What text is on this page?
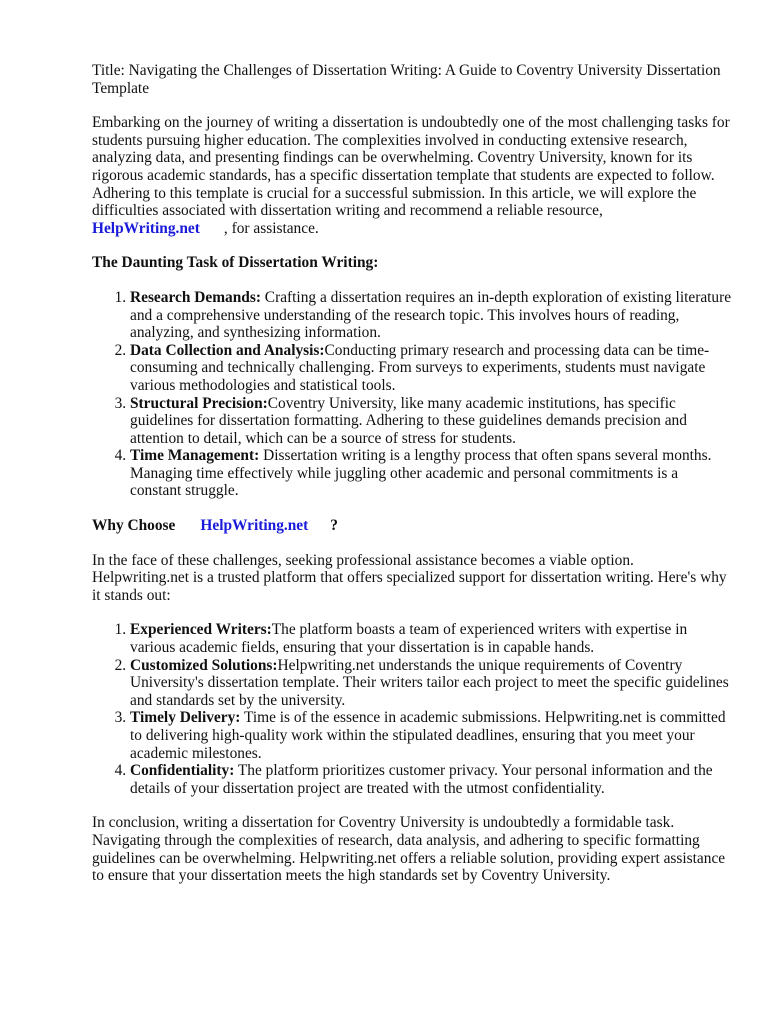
Title: Navigating the Challenges of Dissertation Writing: A Guide to Coventry University Dissertation Template

Embarking on the journey of writing a dissertation is undoubtedly one of the most challenging tasks for students pursuing higher education. The complexities involved in conducting extensive research, analyzing data, and presenting findings can be overwhelming. Coventry University, known for its rigorous academic standards, has a specific dissertation template that students are expected to follow. Adhering to this template is crucial for a successful submission. In this article, we will explore the difficulties associated with dissertation writing and recommend a reliable resource,
HelpWriting.net , for assistance.

The Daunting Task of Dissertation Writing:
1. Research Demands: Crafting a dissertation requires an in-depth exploration of existing literature and a comprehensive understanding of the research topic. This involves hours of reading, analyzing, and synthesizing information.
2. Data Collection and Analysis:Conducting primary research and processing data can be time-consuming and technically challenging. From surveys to experiments, students must navigate various methodologies and statistical tools.
3. Structural Precision:Coventry University, like many academic institutions, has specific guidelines for dissertation formatting. Adhering to these guidelines demands precision and attention to detail, which can be a source of stress for students.
4. Time Management: Dissertation writing is a lengthy process that often spans several months. Managing time effectively while juggling other academic and personal commitments is a constant struggle.
Why Choose HelpWriting.net ?

In the face of these challenges, seeking professional assistance becomes a viable option. Helpwriting.net is a trusted platform that offers specialized support for dissertation writing. Here's why it stands out:

1. Experienced Writers:The platform boasts a team of experienced writers with expertise in various academic fields, ensuring that your dissertation is in capable hands.
2. Customized Solutions:Helpwriting.net understands the unique requirements of Coventry University's dissertation template. Their writers tailor each project to meet the specific guidelines and standards set by the university.
3. Timely Delivery: Time is of the essence in academic submissions. Helpwriting.net is committed to delivering high-quality work within the stipulated deadlines, ensuring that you meet your academic milestones.
4. Confidentiality: The platform prioritizes customer privacy. Your personal information and the details of your dissertation project are treated with the utmost confidentiality.

In conclusion, writing a dissertation for Coventry University is undoubtedly a formidable task. Navigating through the complexities of research, data analysis, and adhering to specific formatting guidelines can be overwhelming. Helpwriting.net offers a reliable solution, providing expert assistance to ensure that your dissertation meets the high standards set by Coventry University.
